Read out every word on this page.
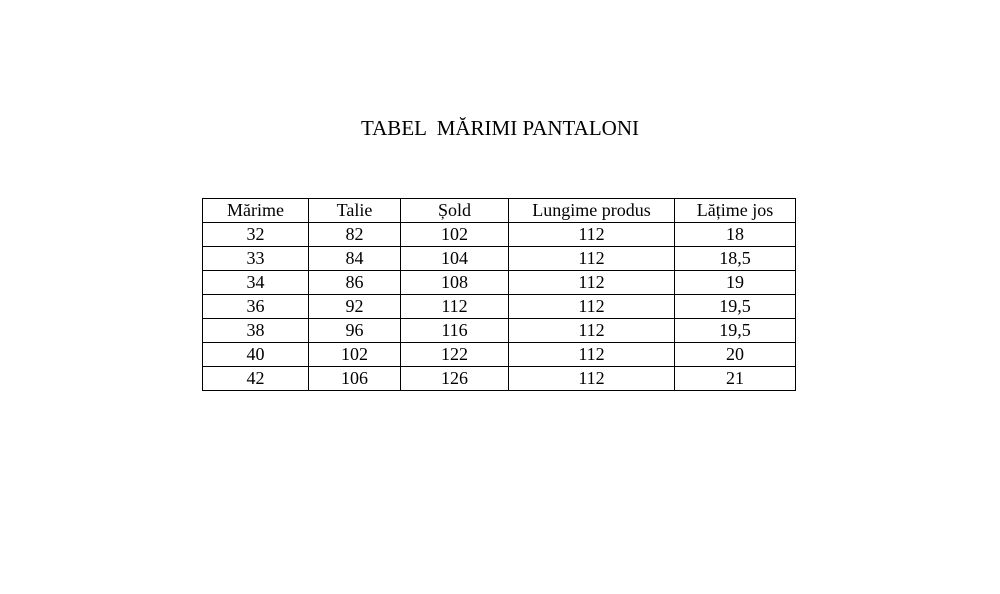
TABEL  MĂRIMI PANTALONI
Mărime	Talie	Șold	Lungime produs	Lățime jos
32	82	102	112	18
33	84	104	112	18,5
34	86	108	112	19
36	92	112	112	19,5
38	96	116	112	19,5
40	102	122	112	20
42	106	126	112	21
